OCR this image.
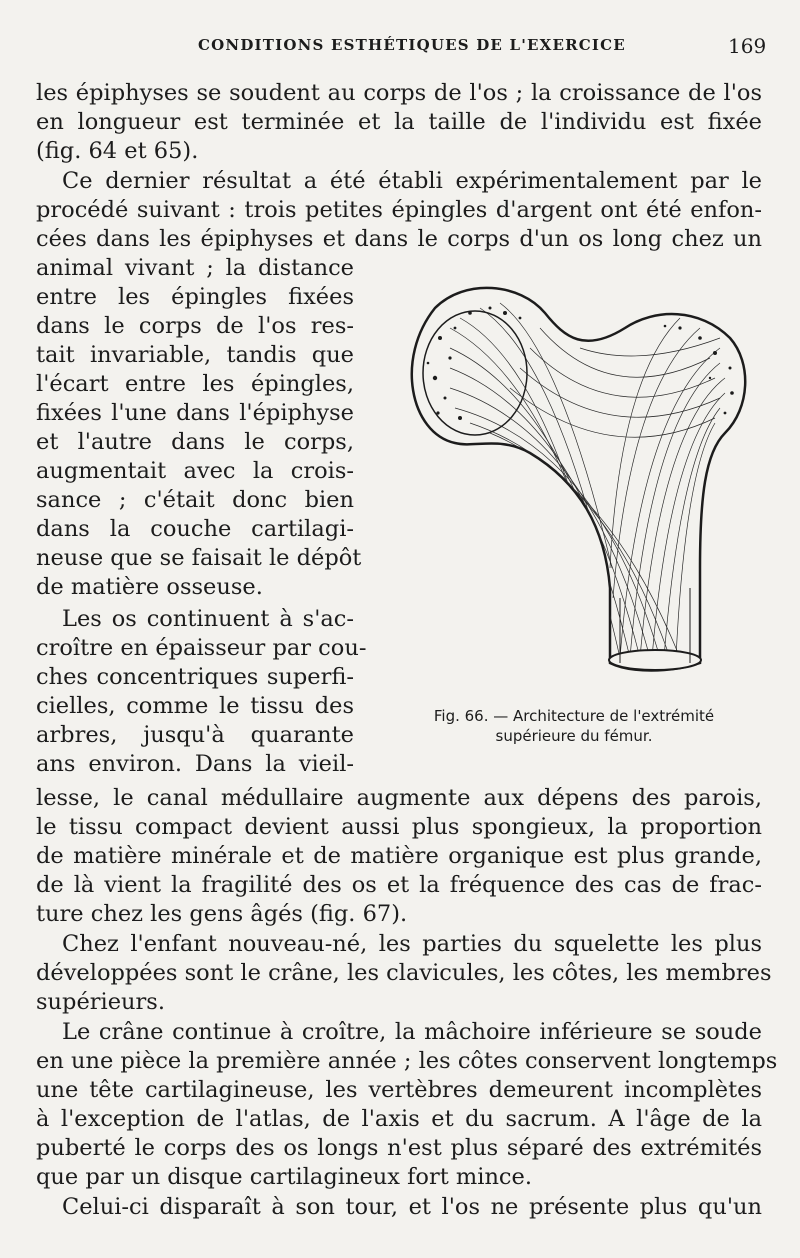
CONDITIONS ESTHÉTIQUES DE L'EXERCICE	169
les épiphyses se soudent au corps de l'os ; la croissance de l'os
en longueur est terminée et la taille de l'individu est fixée
(fig. 64 et 65).
Ce dernier résultat a été établi expérimentalement par le
procédé suivant : trois petites épingles d'argent ont été enfon-
cées dans les épiphyses et dans le corps d'un os long chez un
animal vivant ; la distance
entre les épingles fixées
dans le corps de l'os res-
tait invariable, tandis que
l'écart entre les épingles,
fixées l'une dans l'épiphyse
et l'autre dans le corps,
augmentait avec la crois-
sance ; c'était donc bien
dans la couche cartilagi-
neuse que se faisait le dépôt
de matière osseuse.
Les os continuent à s'ac-
croître en épaisseur par cou-
ches concentriques superfi-
cielles, comme le tissu des
arbres, jusqu'à quarante
ans environ. Dans la vieil-
lesse, le canal médullaire augmente aux dépens des parois,
le tissu compact devient aussi plus spongieux, la proportion
de matière minérale et de matière organique est plus grande,
de là vient la fragilité des os et la fréquence des cas de frac-
ture chez les gens âgés (fig. 67).
Chez l'enfant nouveau-né, les parties du squelette les plus
développées sont le crâne, les clavicules, les côtes, les membres
supérieurs.
Le crâne continue à croître, la mâchoire inférieure se soude
en une pièce la première année ; les côtes conservent longtemps
une tête cartilagineuse, les vertèbres demeurent incomplètes
à l'exception de l'atlas, de l'axis et du sacrum. A l'âge de la
puberté le corps des os longs n'est plus séparé des extrémités
que par un disque cartilagineux fort mince.
Celui-ci disparaît à son tour, et l'os ne présente plus qu'un
Fig. 66. — Architecture de l'extrémité
supérieure du fémur.
